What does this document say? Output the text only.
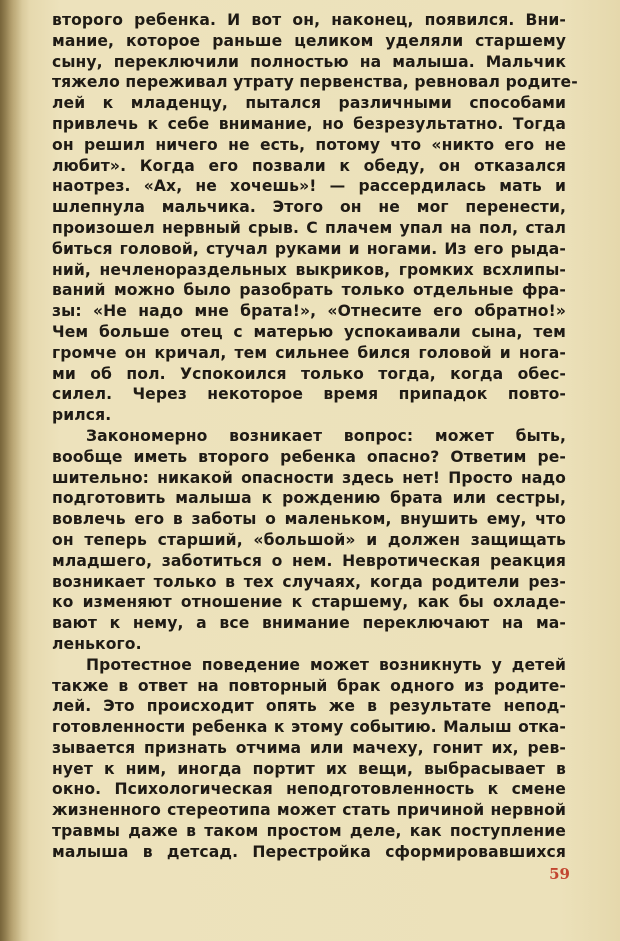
второго ребенка. И вот он, наконец, появился. Вни-
мание, которое раньше целиком уделяли старшему
сыну, переключили полностью на малыша. Мальчик
тяжело переживал утрату первенства, ревновал родите-
лей к младенцу, пытался различными способами
привлечь к себе внимание, но безрезультатно. Тогда
он решил ничего не есть, потому что «никто его не
любит». Когда его позвали к обеду, он отказался
наотрез. «Ах, не хочешь»! — рассердилась мать и
шлепнула мальчика. Этого он не мог перенести,
произошел нервный срыв. С плачем упал на пол, стал
биться головой, стучал руками и ногами. Из его рыда-
ний, нечленораздельных выкриков, громких всхлипы-
ваний можно было разобрать только отдельные фра-
зы: «Не надо мне брата!», «Отнесите его обратно!»
Чем больше отец с матерью успокаивали сына, тем
громче он кричал, тем сильнее бился головой и нога-
ми об пол. Успокоился только тогда, когда обес-
силел. Через некоторое время припадок повто-
рился.
Закономерно возникает вопрос: может быть,
вообще иметь второго ребенка опасно? Ответим ре-
шительно: никакой опасности здесь нет! Просто надо
подготовить малыша к рождению брата или сестры,
вовлечь его в заботы о маленьком, внушить ему, что
он теперь старший, «большой» и должен защищать
младшего, заботиться о нем. Невротическая реакция
возникает только в тех случаях, когда родители рез-
ко изменяют отношение к старшему, как бы охладе-
вают к нему, а все внимание переключают на ма-
ленького.
Протестное поведение может возникнуть у детей
также в ответ на повторный брак одного из родите-
лей. Это происходит опять же в результате непод-
готовленности ребенка к этому событию. Малыш отка-
зывается признать отчима или мачеху, гонит их, рев-
нует к ним, иногда портит их вещи, выбрасывает в
окно. Психологическая неподготовленность к смене
жизненного стереотипа может стать причиной нервной
травмы даже в таком простом деле, как поступление
малыша в детсад. Перестройка сформировавшихся
59
